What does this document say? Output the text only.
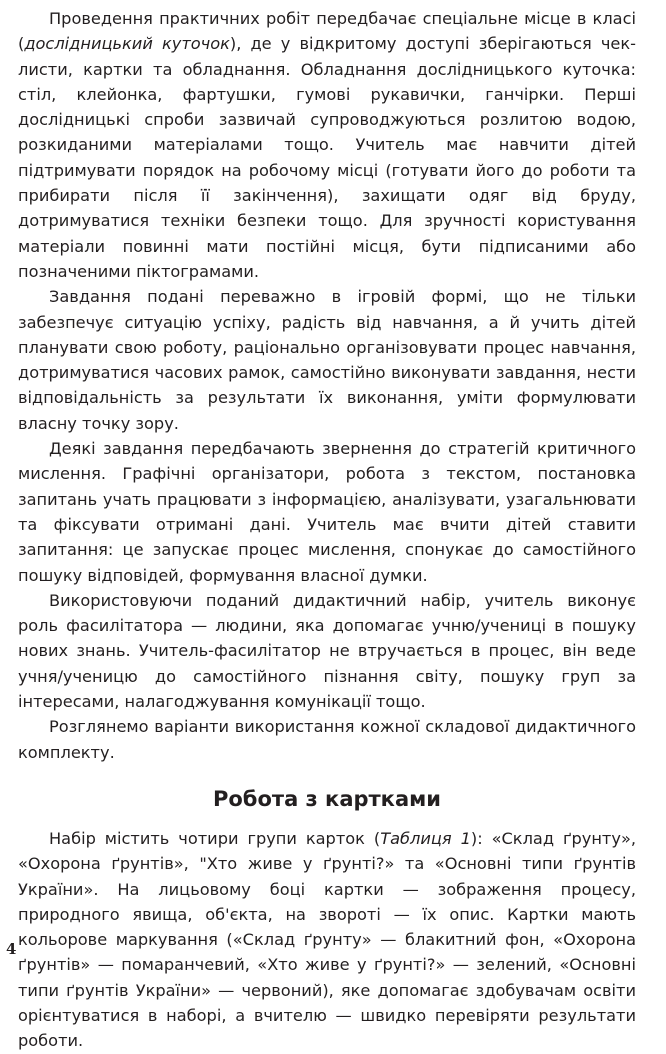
Проведення практичних робіт передбачає спеціальне місце в класі (дослідницький куточок), де у відкритому доступі зберігаються чек-листи, картки та обладнання. Обладнання дослідницького куточка: стіл, клейонка, фартушки, гумові рукавички, ганчірки. Перші дослідницькі спроби зазвичай супроводжуються розлитою водою, розкиданими матеріалами тощо. Учитель має навчити дітей підтримувати порядок на робочому місці (готувати його до роботи та прибирати після її закінчення), захищати одяг від бруду, дотримуватися техніки безпеки тощо. Для зручності користування матеріали повинні мати постійні місця, бути підписаними або позначеними піктограмами.

Завдання подані переважно в ігровій формі, що не тільки забезпечує ситуацію успіху, радість від навчання, а й учить дітей планувати свою роботу, раціонально організовувати процес навчання, дотримуватися часових рамок, самостійно виконувати завдання, нести відповідальність за результати їх виконання, уміти формулювати власну точку зору.

Деякі завдання передбачають звернення до стратегій критичного мислення. Графічні організатори, робота з текстом, постановка запитань учать працювати з інформацією, аналізувати, узагальнювати та фіксувати отримані дані. Учитель має вчити дітей ставити запитання: це запускає процес мислення, спонукає до самостійного пошуку відповідей, формування власної думки.

Використовуючи поданий дидактичний набір, учитель виконує роль фасилітатора — людини, яка допомагає учню/учениці в пошуку нових знань. Учитель-фасилітатор не втручається в процес, він веде учня/ученицю до самостійного пізнання світу, пошуку груп за інтересами, налагоджування комунікації тощо.

Розглянемо варіанти використання кожної складової дидактичного комплекту.

Робота з картками

Набір містить чотири групи карток (Таблиця 1): «Склад ґрунту», «Охорона ґрунтів», "Хто живе у ґрунті?» та «Основні типи ґрунтів України». На лицьовому боці картки — зображення процесу, природного явища, об'єкта, на звороті — їх опис. Картки мають кольорове маркування («Склад ґрунту» — блакитний фон, «Охорона ґрунтів» — помаранчевий, «Хто живе у ґрунті?» — зелений, «Основні типи ґрунтів України» — червоний), яке допомагає здобувачам освіти орієнтуватися в наборі, а вчителю — швидко перевіряти результати роботи.

4
